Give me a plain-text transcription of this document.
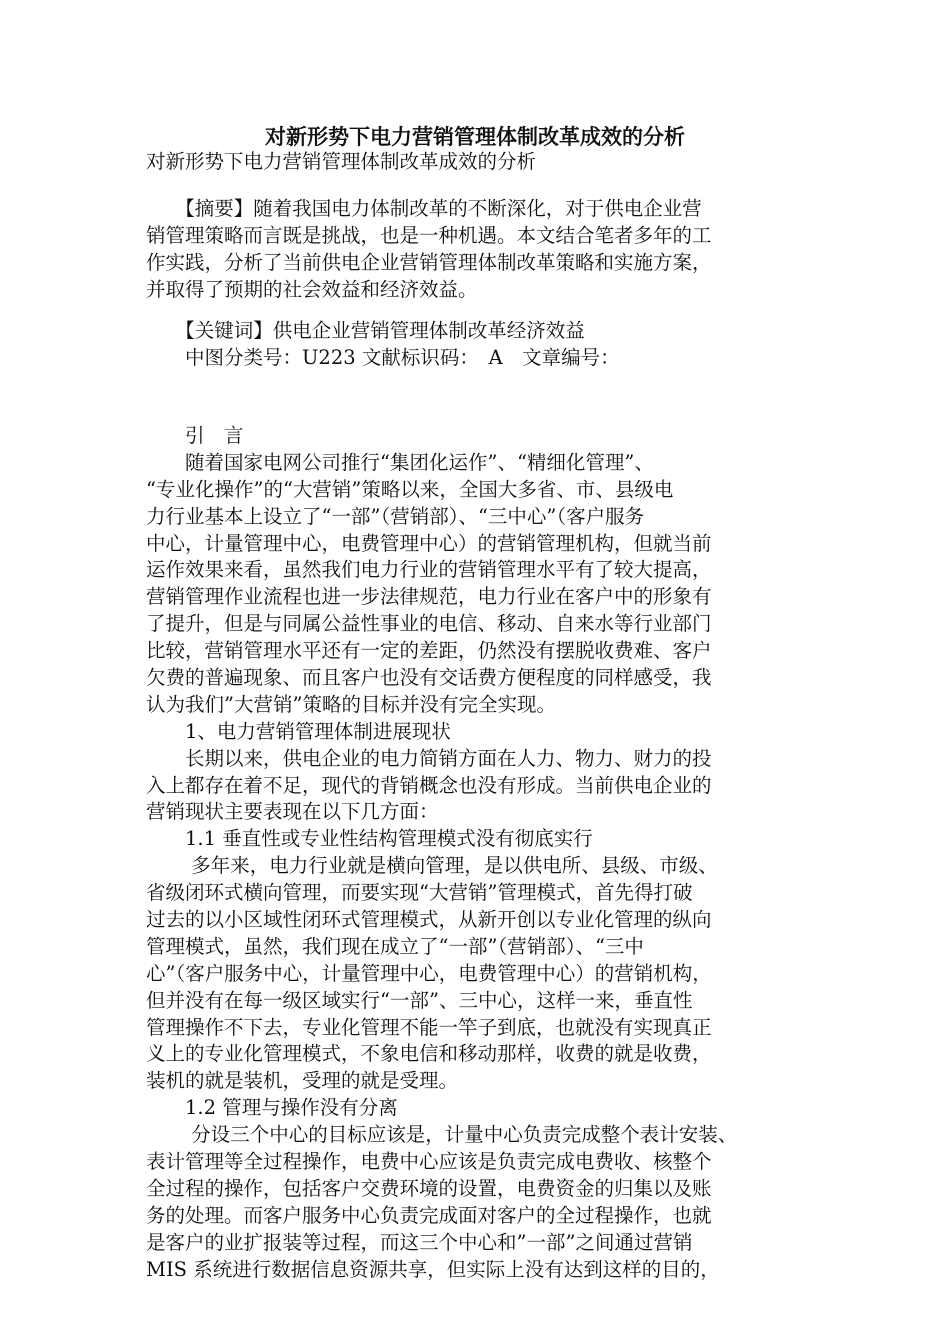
对新形势下电力营销管理体制改革成效的分析
对新形势下电力营销管理体制改革成效的分析
　　【摘要】随着我国电力体制改革的不断深化，对于供电企业营
销管理策略而言既是挑战，也是一种机遇。本文结合笔者多年的工
作实践，分析了当前供电企业营销管理体制改革策略和实施方案，
并取得了预期的社会效益和经济效益。
　　【关键词】供电企业营销管理体制改革经济效益
　　中图分类号：U223 文献标识码：　A　文章编号：
　　引　言
　　随着国家电网公司推行“集团化运作”、“精细化管理”、
“专业化操作”的“大营销”策略以来，全国大多省、市、县级电
力行业基本上设立了“一部”（营销部）、“三中心”（客户服务
中心，计量管理中心，电费管理中心）的营销管理机构，但就当前
运作效果来看，虽然我们电力行业的营销管理水平有了较大提高，
营销管理作业流程也进一步法律规范，电力行业在客户中的形象有
了提升，但是与同属公益性事业的电信、移动、自来水等行业部门
比较，营销管理水平还有一定的差距，仍然没有摆脱收费难、客户
欠费的普遍现象、而且客户也没有交话费方便程度的同样感受，我
认为我们”大营销”策略的目标并没有完全实现。
　　1、电力营销管理体制进展现状
　　长期以来，供电企业的电力简销方面在人力、物力、财力的投
入上都存在着不足，现代的背销概念也没有形成。当前供电企业的
营销现状主要表现在以下几方面：
　　1.1 垂直性或专业性结构管理模式没有彻底实行
　　 多年来，电力行业就是横向管理，是以供电所、县级、市级、
省级闭环式横向管理，而要实现“大营销”管理模式，首先得打破
过去的以小区域性闭环式管理模式，从新开创以专业化管理的纵向
管理模式，虽然，我们现在成立了“一部”（营销部）、“三中
心”（客户服务中心，计量管理中心，电费管理中心）的营销机构，
但并没有在每一级区域实行“一部”、三中心，这样一来，垂直性
管理操作不下去，专业化管理不能一竿子到底，也就没有实现真正
义上的专业化管理模式，不象电信和移动那样，收费的就是收费，
装机的就是装机，受理的就是受理。
　　1.2 管理与操作没有分离
　　 分设三个中心的目标应该是，计量中心负责完成整个表计安装、
表计管理等全过程操作，电费中心应该是负责完成电费收、核整个
全过程的操作，包括客户交费环境的设置，电费资金的归集以及账
务的处理。而客户服务中心负责完成面对客户的全过程操作，也就
是客户的业扩报装等过程，而这三个中心和”一部”之间通过营销
MIS 系统进行数据信息资源共享，但实际上没有达到这样的目的，
